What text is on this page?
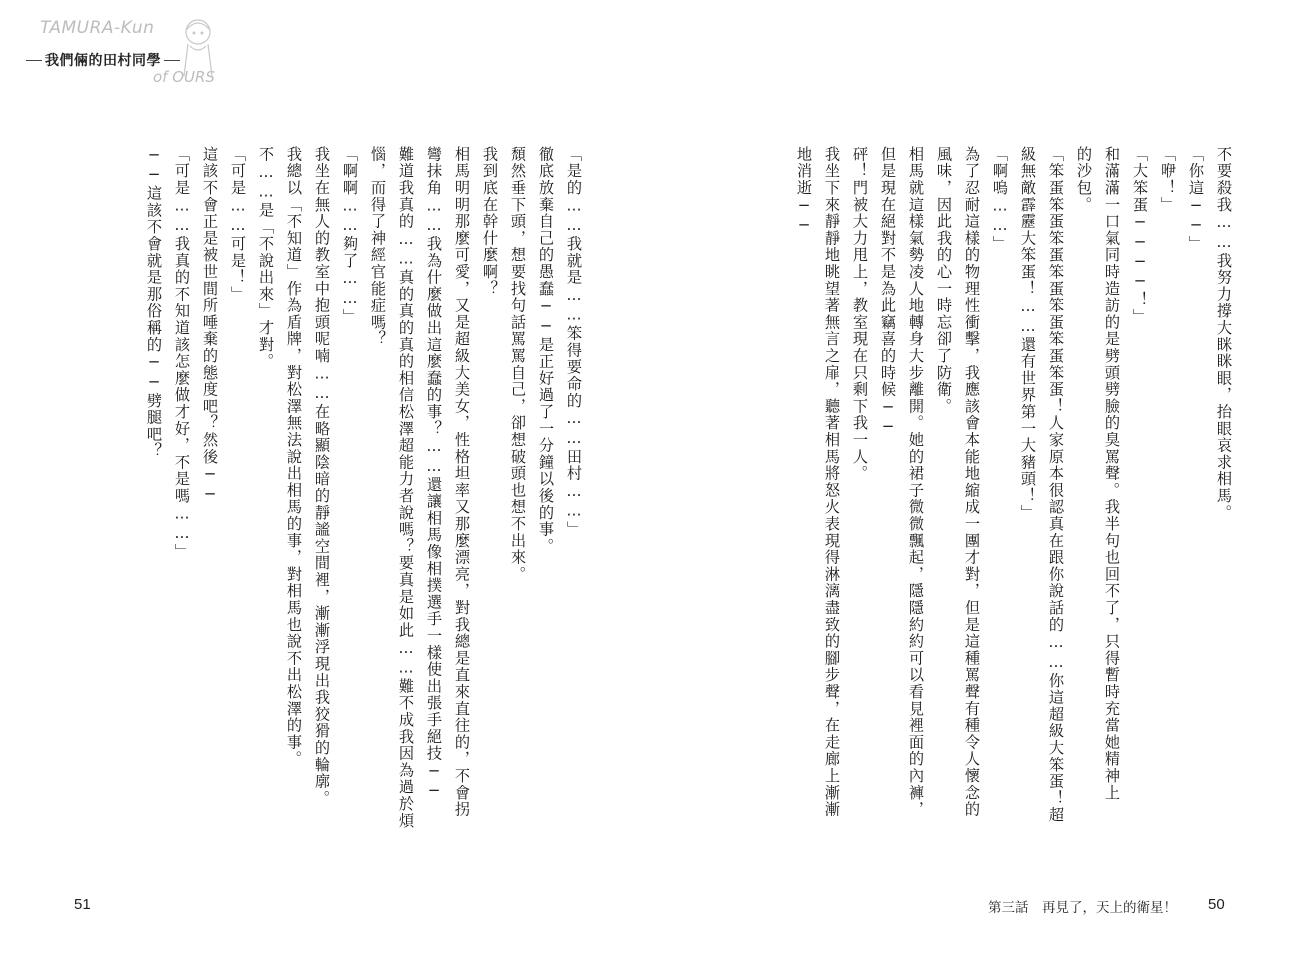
TAMURA-Kun
of OURS
我們倆的田村同學
「是的……我就是……笨得要命的……田村……」
徹底放棄自己的愚蠢──是正好過了一分鐘以後的事。
頹然垂下頭，想要找句話罵罵自己，卻想破頭也想不出來。
我到底在幹什麼啊？
相馬明明那麼可愛，又是超級大美女，性格坦率又那麼漂亮，對我總是直來直往的，不會拐
彎抹角……我為什麼做出這麼蠢的事？……還讓相馬像相撲選手一樣使出張手絕技──
難道我真的……真的真的真的相信松澤超能力者說嗎？要真是如此……難不成我因為過於煩
惱，而得了神經官能症嗎？
「啊啊……夠了……」
我坐在無人的教室中抱頭呢喃……在略顯陰暗的靜謐空間裡，漸漸浮現出我狡猾的輪廓。
我總以「不知道」作為盾牌，對松澤無法說出相馬的事，對相馬也說不出松澤的事。
不……是「不說出來」才對。
「可是……可是！」
這該不會正是被世間所唾棄的態度吧？然後──
「可是……我真的不知道該怎麼做才好，不是嗎……」
──這該不會就是那俗稱的──劈腿吧？
51
不要殺我……我努力撐大眯眯眼，抬眼哀求相馬。
「你這──」
「咿！」
「大笨蛋────！」
和滿滿一口氣同時造訪的是劈頭劈臉的臭罵聲。我半句也回不了，只得暫時充當她精神上
的沙包。
「笨蛋笨蛋笨蛋笨蛋笨蛋笨蛋笨蛋！人家原本很認真在跟你說話的……你這超級大笨蛋！超
級無敵霹靂大笨蛋！……還有世界第一大豬頭！」
「啊嗚……」
為了忍耐這樣的物理性衝擊，我應該會本能地縮成一團才對，但是這種罵聲有種令人懷念的
風味，因此我的心一時忘卻了防衛。
相馬就這樣氣勢凌人地轉身大步離開。她的裙子微微飄起，隱隱約約可以看見裡面的內褲，
但是現在絕對不是為此竊喜的時候──
砰！門被大力甩上，教室現在只剩下我一人。
我坐下來靜靜地眺望著無言之扉，聽著相馬將怒火表現得淋漓盡致的腳步聲，在走廊上漸漸
地消逝──
第三話　再見了，天上的衛星！ 50
